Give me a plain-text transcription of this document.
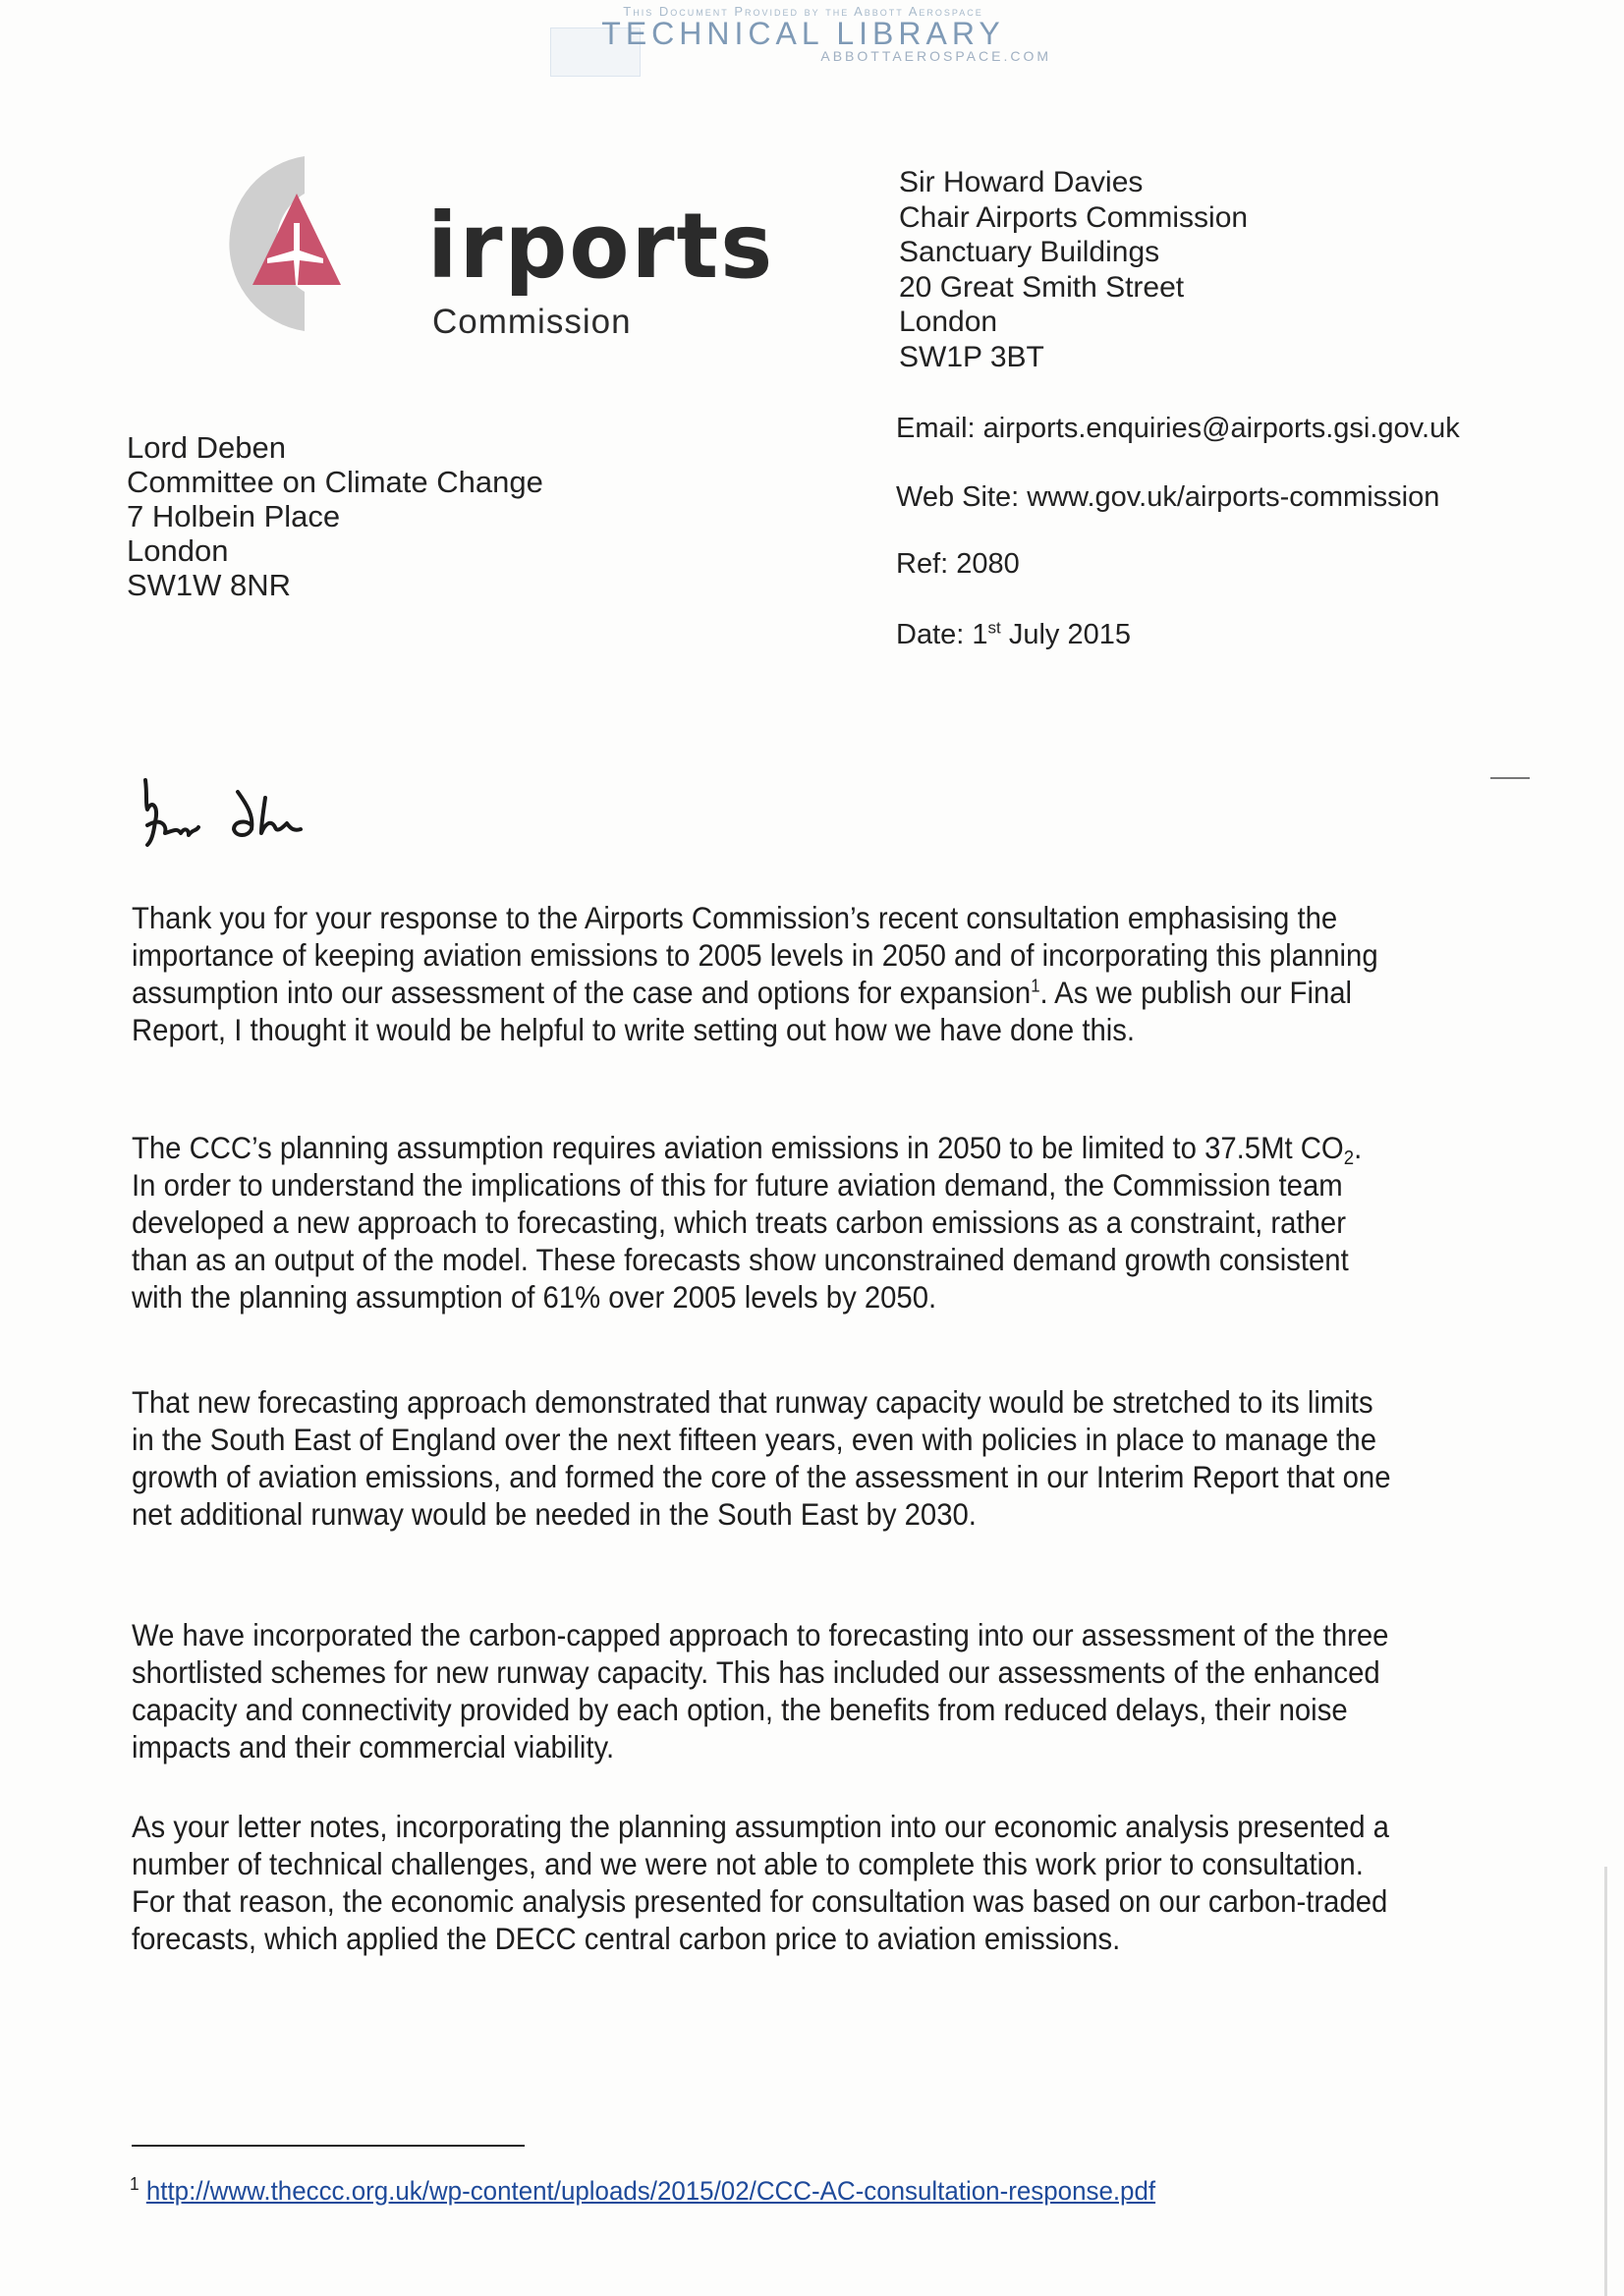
This Document Provided by the Abbott Aerospace
TECHNICAL LIBRARY
ABBOTTAEROSPACE.COM
irports
Commission
Sir Howard Davies
Chair Airports Commission
Sanctuary Buildings
20 Great Smith Street
London
SW1P 3BT
Email: airports.enquiries@airports.gsi.gov.uk
Web Site: www.gov.uk/airports-commission
Ref: 2080
Date: 1st July 2015
Lord Deben
Committee on Climate Change
7 Holbein Place
London
SW1W 8NR

Thank you for your response to the Airports Commission’s recent consultation emphasising the importance of keeping aviation emissions to 2005 levels in 2050 and of incorporating this planning assumption into our assessment of the case and options for expansion$^1$. As we publish our Final Report, I thought it would be helpful to write setting out how we have done this.

The CCC’s planning assumption requires aviation emissions in 2050 to be limited to 37.5Mt $CO_2$. In order to understand the implications of this for future aviation demand, the Commission team developed a new approach to forecasting, which treats carbon emissions as a constraint, rather than as an output of the model. These forecasts show unconstrained demand growth consistent with the planning assumption of 61% over 2005 levels by 2050.

That new forecasting approach demonstrated that runway capacity would be stretched to its limits in the South East of England over the next fifteen years, even with policies in place to manage the growth of aviation emissions, and formed the core of the assessment in our Interim Report that one net additional runway would be needed in the South East by 2030.

We have incorporated the carbon-capped approach to forecasting into our assessment of the three shortlisted schemes for new runway capacity. This has included our assessments of the enhanced capacity and connectivity provided by each option, the benefits from reduced delays, their noise impacts and their commercial viability.

As your letter notes, incorporating the planning assumption into our economic analysis presented a number of technical challenges, and we were not able to complete this work prior to consultation. For that reason, the economic analysis presented for consultation was based on our carbon-traded forecasts, which applied the DECC central carbon price to aviation emissions.

$^1$ http://www.theccc.org.uk/wp-content/uploads/2015/02/CCC-AC-consultation-response.pdf
